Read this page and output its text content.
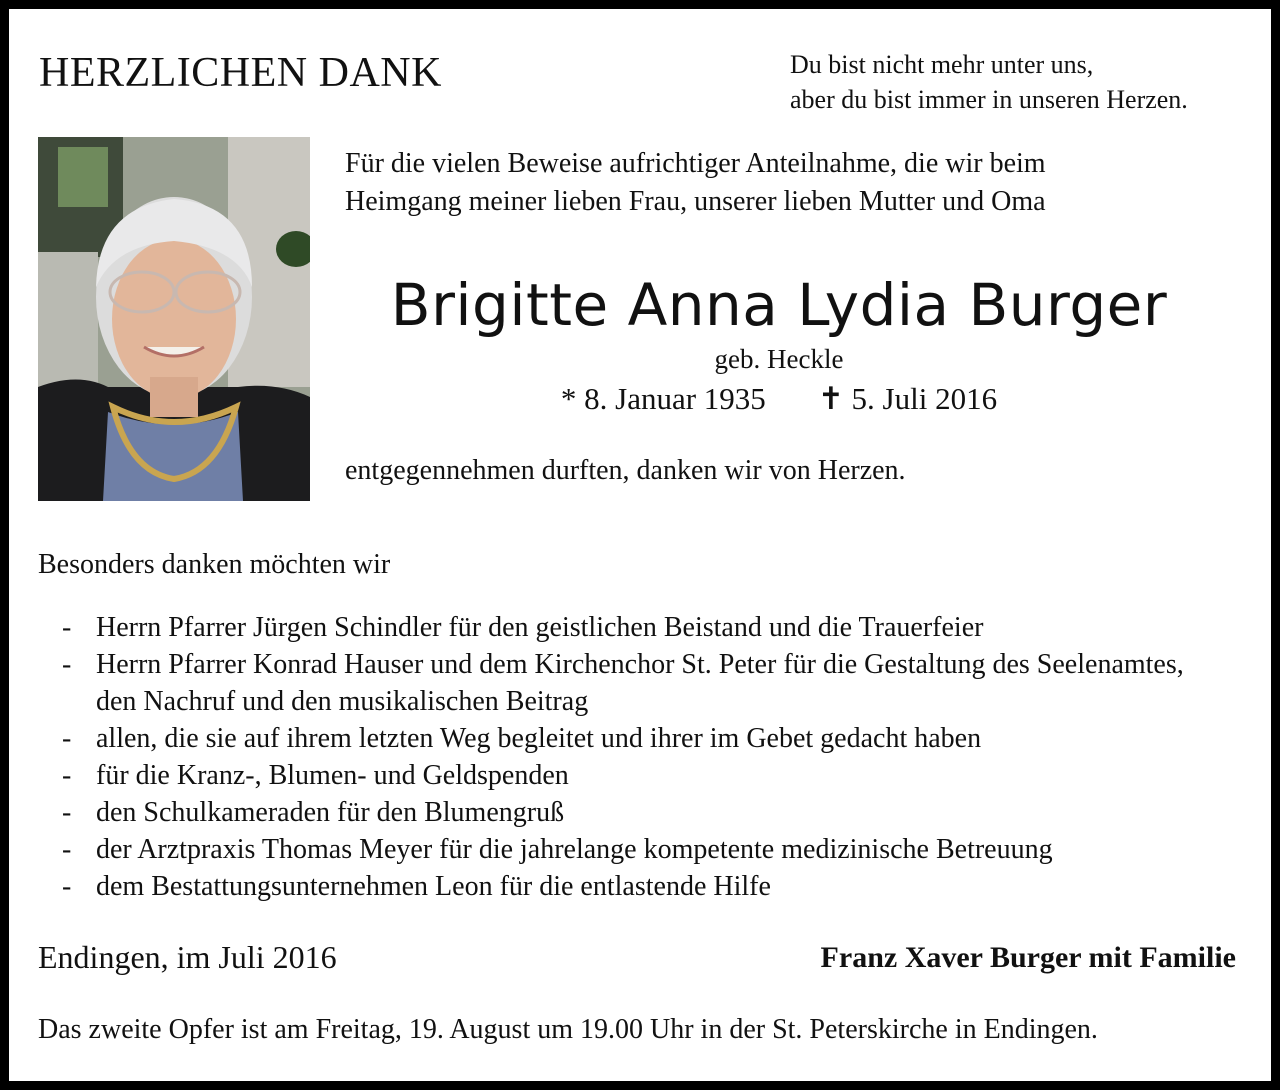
HERZLICHEN DANK	Du bist nicht mehr unter uns,
aber du bist immer in unseren Herzen.
Für die vielen Beweise aufrichtiger Anteilnahme, die wir beim
Heimgang meiner lieben Frau, unserer lieben Mutter und Oma
Brigitte Anna Lydia Burger
geb. Heckle
* 8. Januar 1935 ✝ 5. Juli 2016
entgegennehmen durften, danken wir von Herzen.
Besonders danken möchten wir
- Herrn Pfarrer Jürgen Schindler für den geistlichen Beistand und die Trauerfeier
- Herrn Pfarrer Konrad Hauser und dem Kirchenchor St. Peter für die Gestaltung des Seelenamtes, den Nachruf und den musikalischen Beitrag
- allen, die sie auf ihrem letzten Weg begleitet und ihrer im Gebet gedacht haben
- für die Kranz-, Blumen- und Geldspenden
- den Schulkameraden für den Blumengruß
- der Arztpraxis Thomas Meyer für die jahrelange kompetente medizinische Betreuung
- dem Bestattungsunternehmen Leon für die entlastende Hilfe
Endingen, im Juli 2016	Franz Xaver Burger mit Familie
Das zweite Opfer ist am Freitag, 19. August um 19.00 Uhr in der St. Peterskirche in Endingen.
